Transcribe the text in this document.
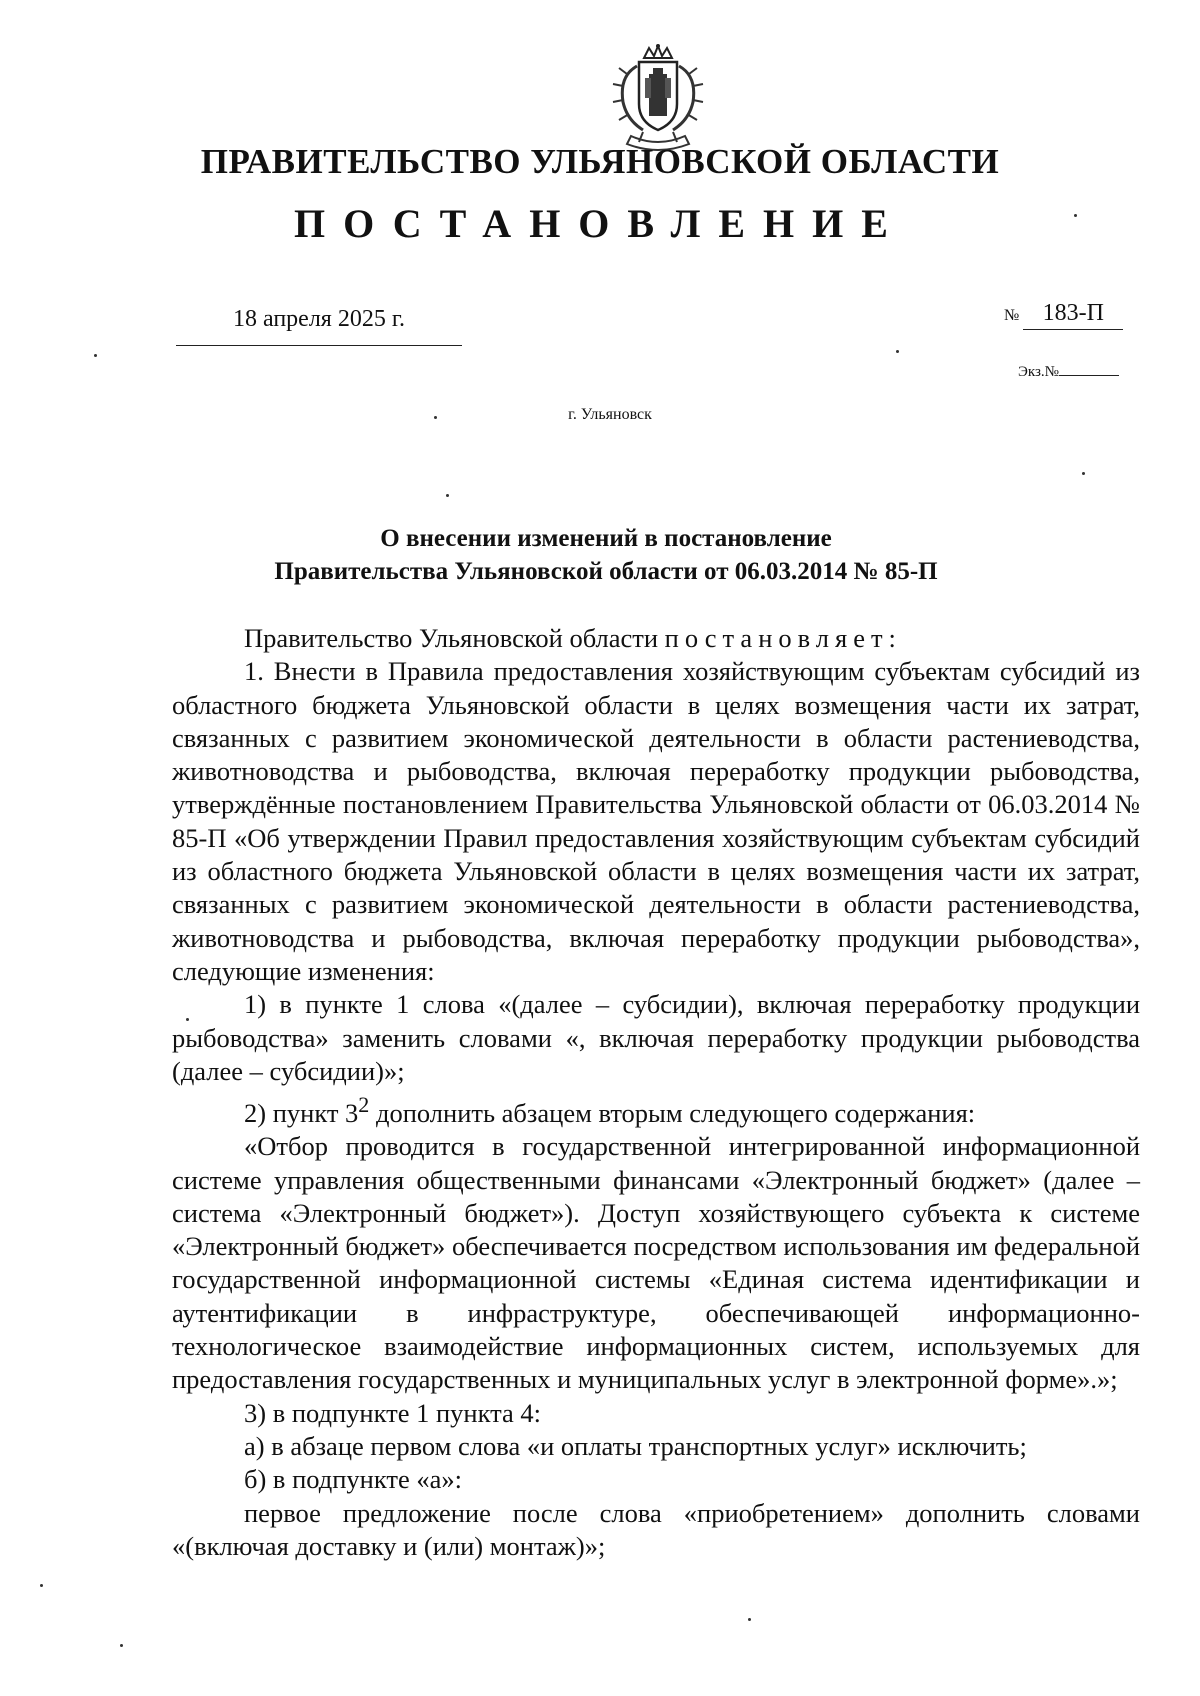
ПРАВИТЕЛЬСТВО УЛЬЯНОВСКОЙ ОБЛАСТИ
ПОСТАНОВЛЕНИЕ
18 апреля 2025 г.	№ 183-П
Экз.№
г. Ульяновск
О внесении изменений в постановление
Правительства Ульяновской области от 06.03.2014 № 85-П

Правительство Ульяновской области постановляет:

1. Внести в Правила предоставления хозяйствующим субъектам субсидий из областного бюджета Ульяновской области в целях возмещения части их затрат, связанных с развитием экономической деятельности в области растениеводства, животноводства и рыбоводства, включая переработку продукции рыбоводства, утверждённые постановлением Правительства Ульяновской области от 06.03.2014 № 85-П «Об утверждении Правил предоставления хозяйствующим субъектам субсидий из областного бюджета Ульяновской области в целях возмещения части их затрат, связанных с развитием экономической деятельности в области растениеводства, животноводства и рыбоводства, включая переработку продукции рыбоводства», следующие изменения:

1) в пункте 1 слова «(далее – субсидии), включая переработку продукции рыбоводства» заменить словами «, включая переработку продукции рыбоводства (далее – субсидии)»;

2) пункт $3^2$ дополнить абзацем вторым следующего содержания:

«Отбор проводится в государственной интегрированной информационной системе управления общественными финансами «Электронный бюджет» (далее – система «Электронный бюджет»). Доступ хозяйствующего субъекта к системе «Электронный бюджет» обеспечивается посредством использования им федеральной государственной информационной системы «Единая система идентификации и аутентификации в инфраструктуре, обеспечивающей информационно-технологическое взаимодействие информационных систем, используемых для предоставления государственных и муниципальных услуг в электронной форме».»;

3) в подпункте 1 пункта 4:

а) в абзаце первом слова «и оплаты транспортных услуг» исключить;

б) в подпункте «а»:

первое предложение после слова «приобретением» дополнить словами «(включая доставку и (или) монтаж)»;
